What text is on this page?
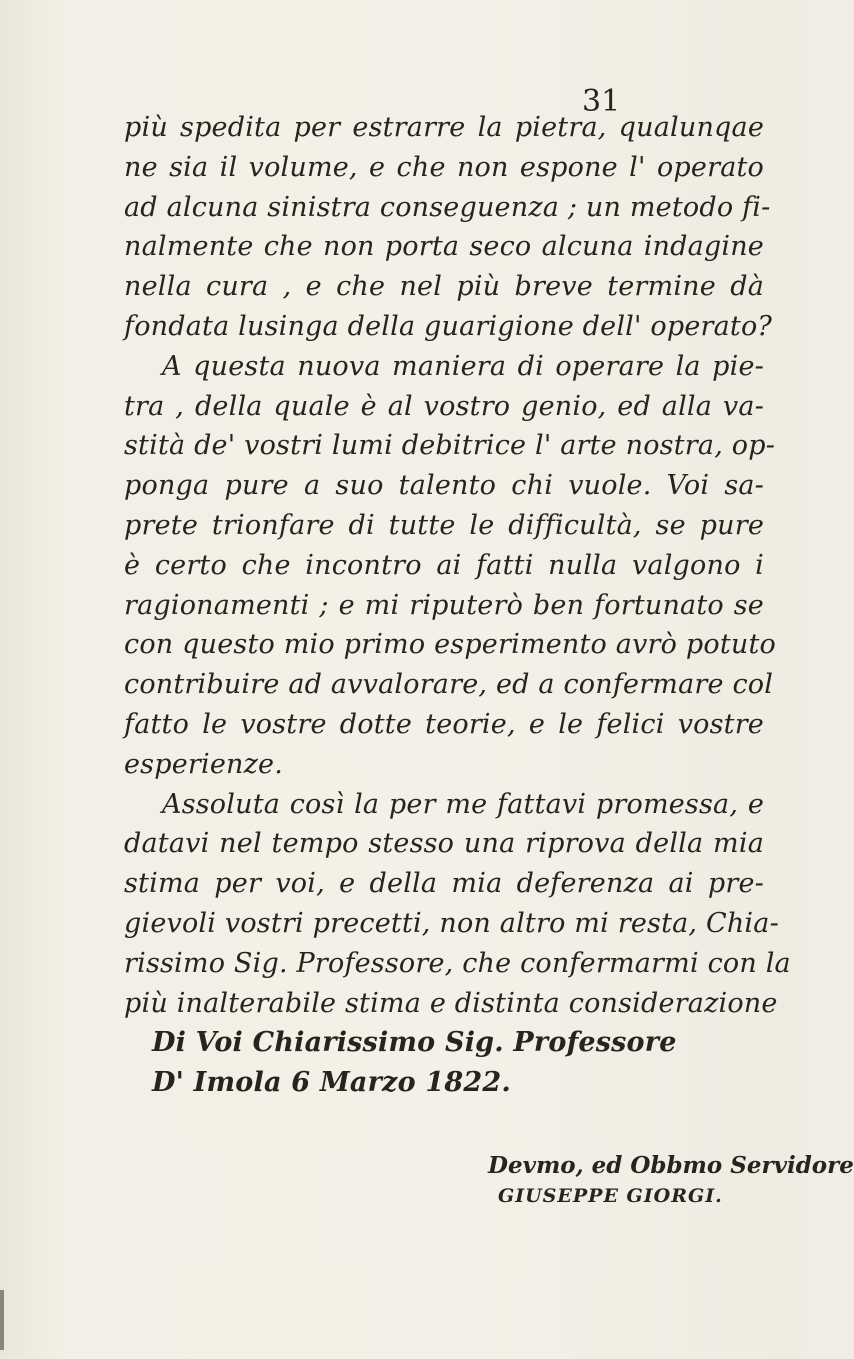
31
più spedita per estrarre la pietra, qualunqae
ne sia il volume, e che non espone l' operato
ad alcuna sinistra conseguenza ; un metodo fi-
nalmente che non porta seco alcuna indagine
nella cura , e che nel più breve termine dà
fondata lusinga della guarigione dell' operato?
A questa nuova maniera di operare la pie-
tra , della quale è al vostro genio, ed alla va-
stità de' vostri lumi debitrice l' arte nostra, op-
ponga pure a suo talento chi vuole. Voi sa-
prete trionfare di tutte le difficultà, se pure
è certo che incontro ai fatti nulla valgono i
ragionamenti ; e mi riputerò ben fortunato se
con questo mio primo esperimento avrò potuto
contribuire ad avvalorare, ed a confermare col
fatto le vostre dotte teorie, e le felici vostre
esperienze.
Assoluta così la per me fattavi promessa, e
datavi nel tempo stesso una riprova della mia
stima per voi, e della mia deferenza ai pre-
gievoli vostri precetti, non altro mi resta, Chia-
rissimo Sig. Professore, che confermarmi con la
più inalterabile stima e distinta considerazione
Di Voi Chiarissimo Sig. Professore
D' Imola 6 Marzo 1822.
Devmo, ed Obbmo Servidore
GIUSEPPE GIORGI.
